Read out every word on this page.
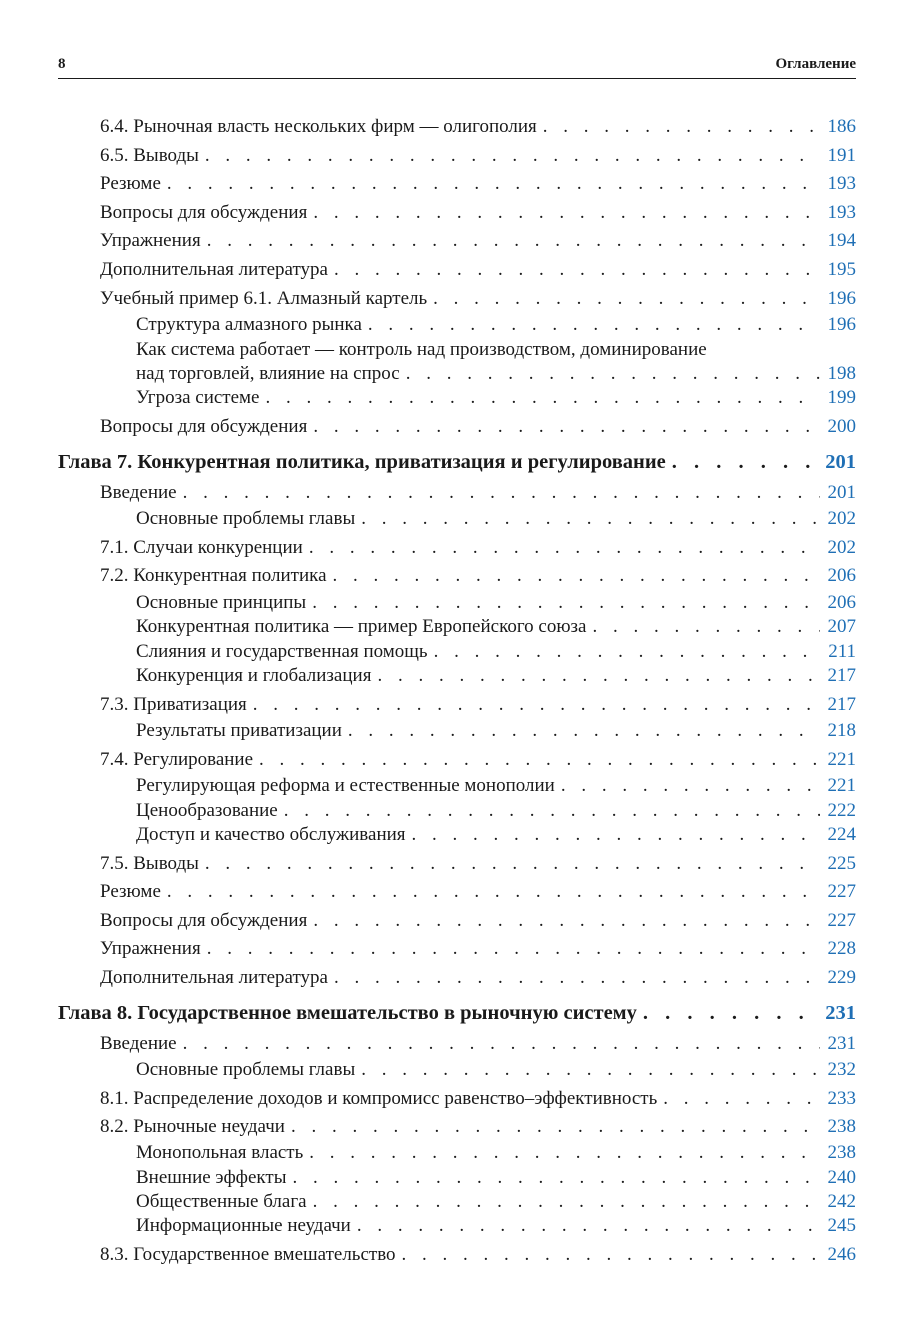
8	Оглавление
6.4. Рыночная власть нескольких фирм — олигополия . . .	186
6.5. Выводы . . .	191
Резюме . . .	193
Вопросы для обсуждения . . .	193
Упражнения . . .	194
Дополнительная литература . . .	195
Учебный пример 6.1. Алмазный картель . . .	196
Структура алмазного рынка . . .	196
Как система работает — контроль над производством, доминирование
над торговлей, влияние на спрос . . .	198
Угроза системе . . .	199
Вопросы для обсуждения . . .	200
Глава 7. Конкурентная политика, приватизация и регулирование . . .	201
Введение . . .	201
Основные проблемы главы . . .	202
7.1. Случаи конкуренции . . .	202
7.2. Конкурентная политика . . .	206
Основные принципы . . .	206
Конкурентная политика — пример Европейского союза . . .	207
Слияния и государственная помощь . . .	211
Конкуренция и глобализация . . .	217
7.3. Приватизация . . .	217
Результаты приватизации . . .	218
7.4. Регулирование . . .	221
Регулирующая реформа и естественные монополии . . .	221
Ценообразование . . .	222
Доступ и качество обслуживания . . .	224
7.5. Выводы . . .	225
Резюме . . .	227
Вопросы для обсуждения . . .	227
Упражнения . . .	228
Дополнительная литература . . .	229
Глава 8. Государственное вмешательство в рыночную систему . . .	231
Введение . . .	231
Основные проблемы главы . . .	232
8.1. Распределение доходов и компромисс равенство–эффективность . . .	233
8.2. Рыночные неудачи . . .	238
Монопольная власть . . .	238
Внешние эффекты . . .	240
Общественные блага . . .	242
Информационные неудачи . . .	245
8.3. Государственное вмешательство . . .	246
